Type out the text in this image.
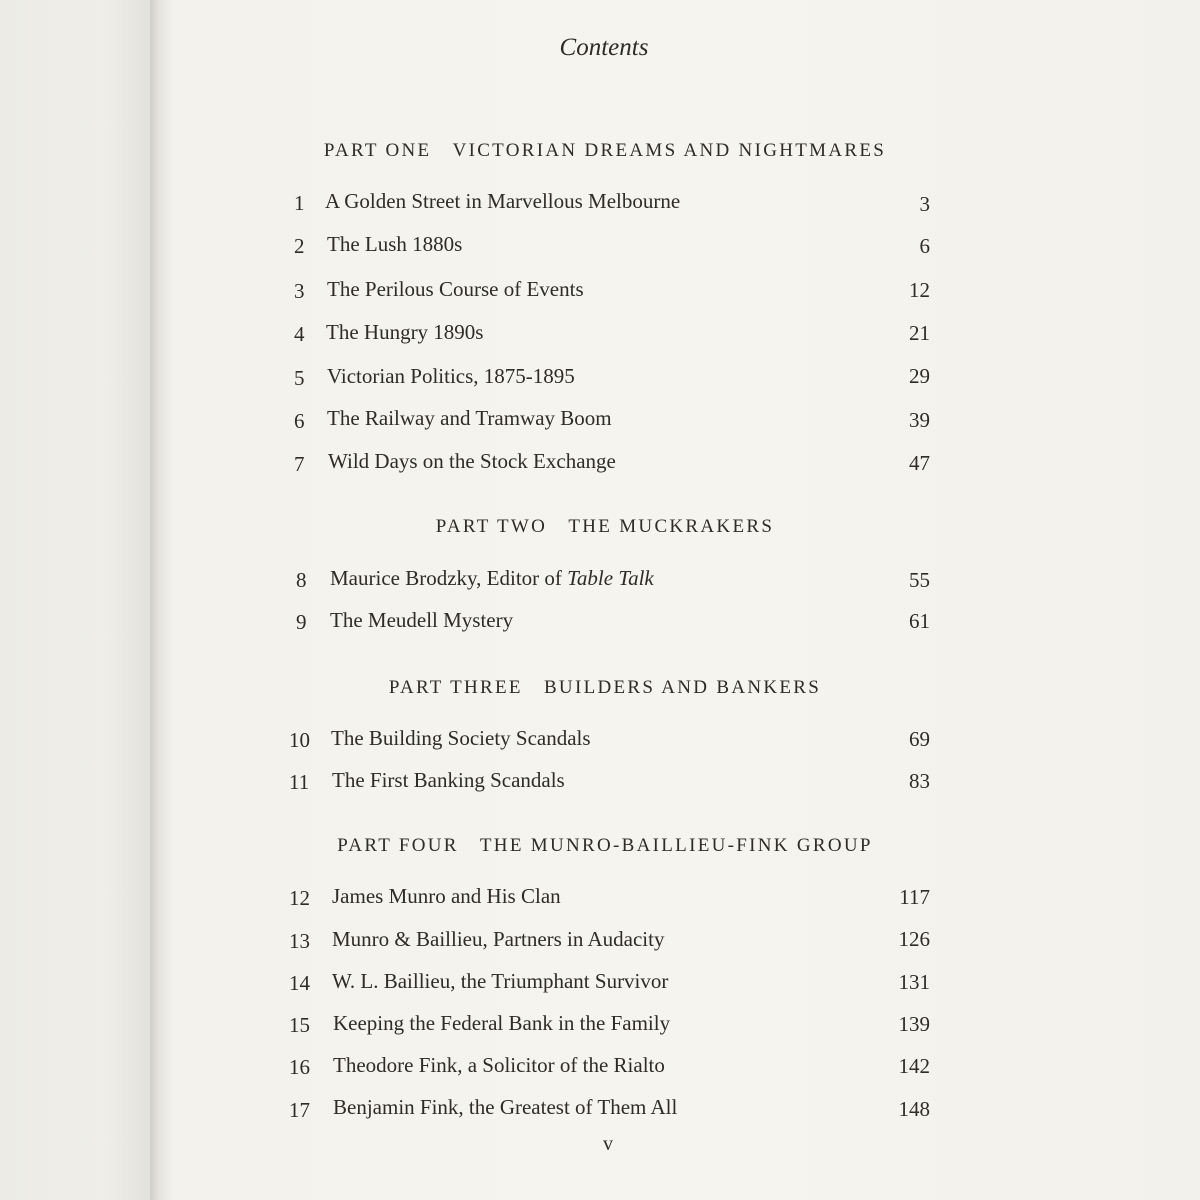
Contents
PART ONE VICTORIAN DREAMS AND NIGHTMARES
PART TWO THE MUCKRAKERS
PART THREE BUILDERS AND BANKERS
PART FOUR THE MUNRO-BAILLIEU-FINK GROUP
1 A Golden Street in Marvellous Melbourne	3
2 The Lush 1880s	6
3 The Perilous Course of Events	12
4 The Hungry 1890s	21
5 Victorian Politics, 1875-1895	29
6 The Railway and Tramway Boom	39
7 Wild Days on the Stock Exchange	47
8 Maurice Brodzky, Editor of Table Talk	55
9 The Meudell Mystery	61
10 The Building Society Scandals	69
11 The First Banking Scandals	83
12 James Munro and His Clan	117
13 Munro & Baillieu, Partners in Audacity	126
14 W. L. Baillieu, the Triumphant Survivor	131
15 Keeping the Federal Bank in the Family	139
16 Theodore Fink, a Solicitor of the Rialto	142
17 Benjamin Fink, the Greatest of Them All	148
v
